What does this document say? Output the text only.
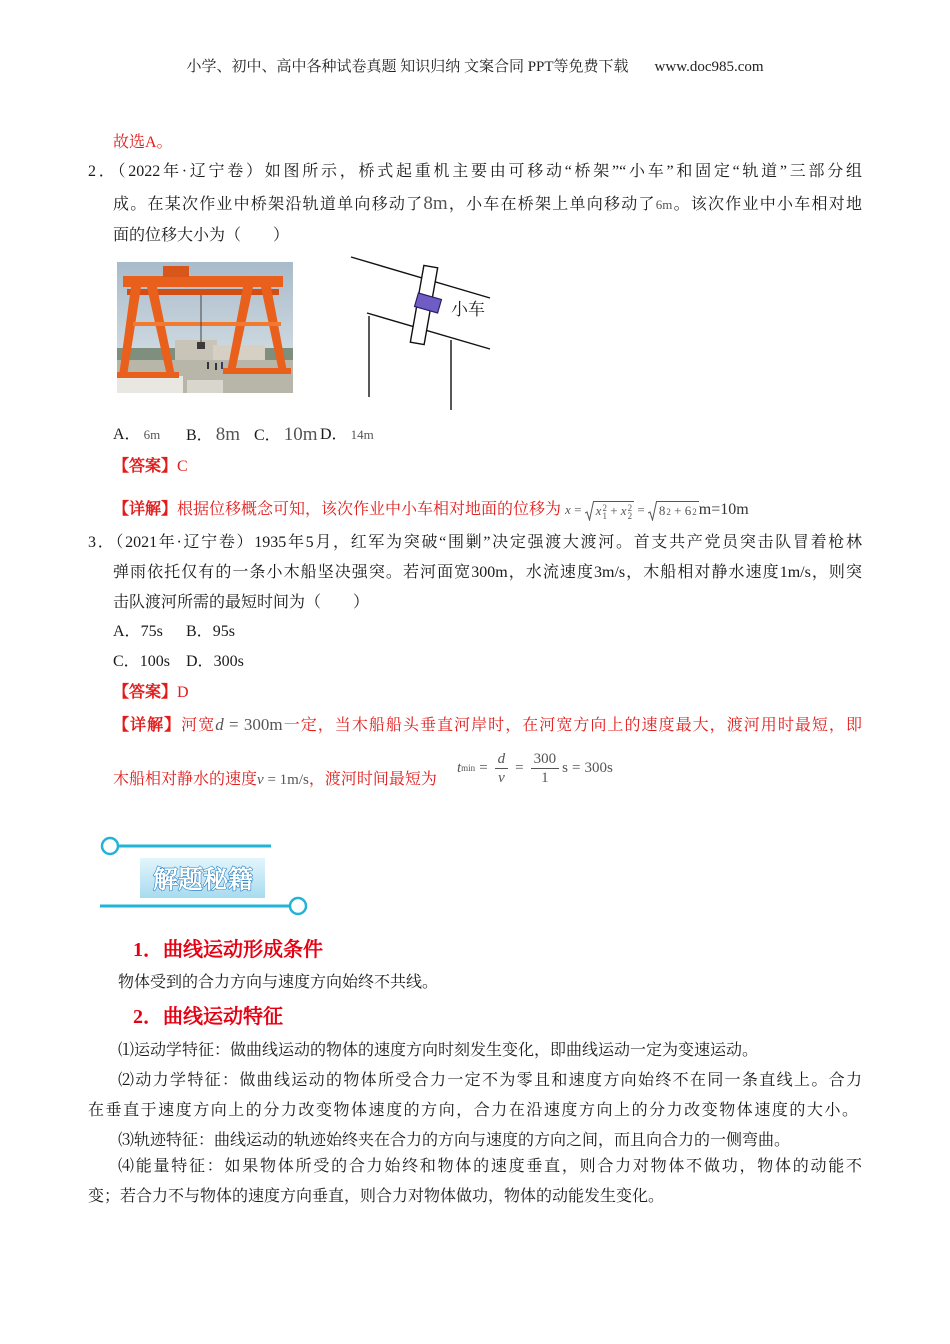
小学、初中、高中各种试卷真题 知识归纳 文案合同 PPT等免费下载 www.doc985.com
故选A。
2．（2022年·辽宁卷）如图所示，桥式起重机主要由可移动“桥架”“小车”和固定“轨道”三部分组
成。在某次作业中桥架沿轨道单向移动了8m，小车在桥架上单向移动了6m。该次作业中小车相对地
面的位移大小为（　　）
小车
A． 6m B． 8m C． 10m D． 14m
【答案】C
【详解】根据位移概念可知，该次作业中小车相对地面的位移为 x = x 2
1 + x 2
2 = 8 2 + 6 2 m=10m
3．（2021年·辽宁卷）1935年5月，红军为突破“围剿”决定强渡大渡河。首支共产党员突击队冒着枪林
弹雨依托仅有的一条小木船坚决强突。若河面宽300m，水流速度3m/s，木船相对静水速度1m/s，则突
击队渡河所需的最短时间为（　　）
A．75s B．95s
C．100s D．300s
【答案】D
【详解】河宽d = 300m一定，当木船船头垂直河岸时，在河宽方向上的速度最大，渡河用时最短，即
木船相对静水的速度v = 1m/s，渡河时间最短为
t $\min = \frac{d}{v} = \frac{300}{1}$ s = 300s
解题秘籍
1．曲线运动形成条件
物体受到的合力方向与速度方向始终不共线。
2．曲线运动特征
⑴运动学特征：做曲线运动的物体的速度方向时刻发生变化，即曲线运动一定为变速运动。
⑵动力学特征：做曲线运动的物体所受合力一定不为零且和速度方向始终不在同一条直线上。合力
在垂直于速度方向上的分力改变物体速度的方向，合力在沿速度方向上的分力改变物体速度的大小。
⑶轨迹特征：曲线运动的轨迹始终夹在合力的方向与速度的方向之间，而且向合力的一侧弯曲。
⑷能量特征：如果物体所受的合力始终和物体的速度垂直，则合力对物体不做功，物体的动能不
变；若合力不与物体的速度方向垂直，则合力对物体做功，物体的动能发生变化。
